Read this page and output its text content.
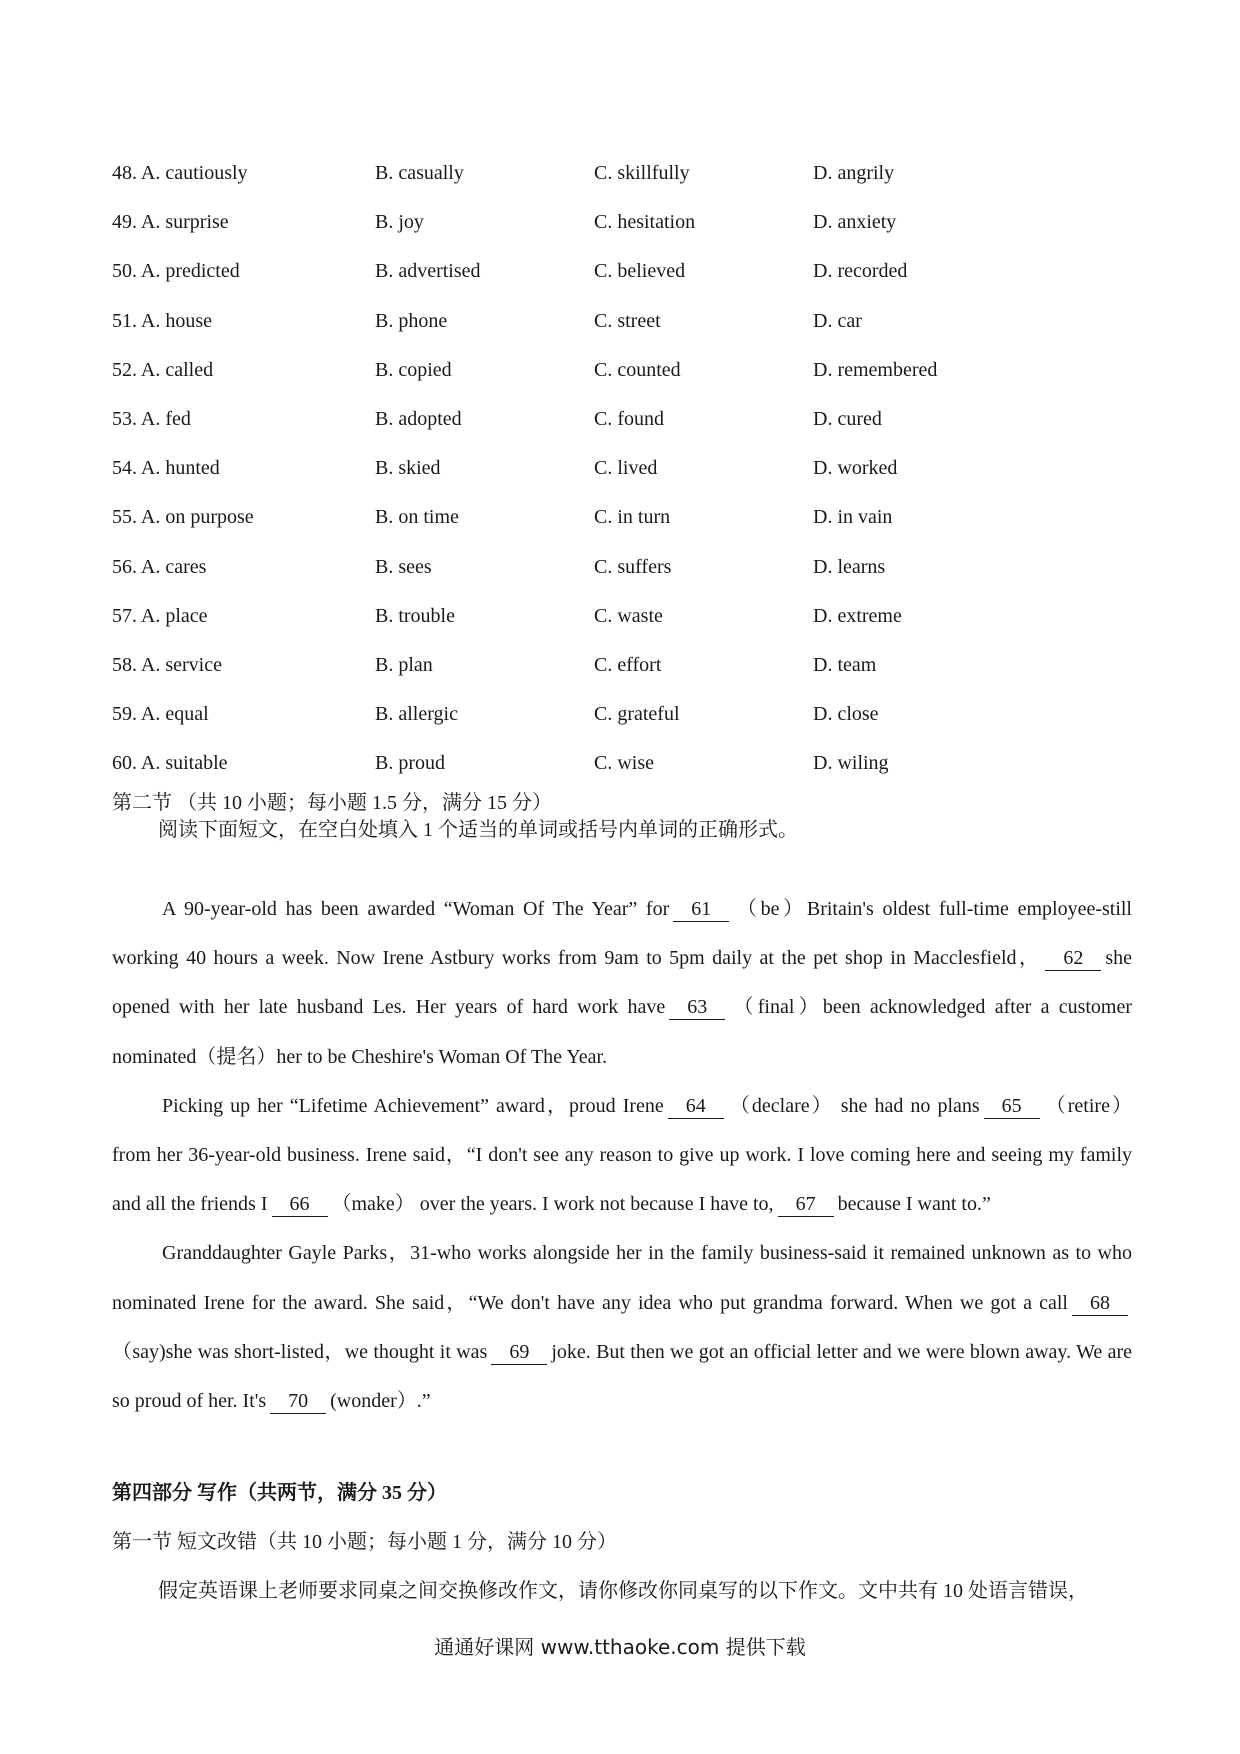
48. A. cautiously	B. casually	C. skillfully	D. angrily
49. A. surprise	B. joy	C. hesitation	D. anxiety
50. A. predicted	B. advertised	C. believed	D. recorded
51. A. house	B. phone	C. street	D. car
52. A. called	B. copied	C. counted	D. remembered
53. A. fed	B. adopted	C. found	D. cured
54. A. hunted	B. skied	C. lived	D. worked
55. A. on purpose	B. on time	C. in turn	D. in vain
56. A. cares	B. sees	C. suffers	D. learns
57. A. place	B. trouble	C. waste	D. extreme
58. A. service	B. plan	C. effort	D. team
59. A. equal	B. allergic	C. grateful	D. close
60. A. suitable	B. proud	C. wise	D. wiling
第二节 （共 10 小题；每小题 1.5 分，满分 15 分）
阅读下面短文，在空白处填入 1 个适当的单词或括号内单词的正确形式。

A 90-year-old has been awarded “Woman Of The Year” for 61 （be）Britain's oldest full-time employee-still working 40 hours a week. Now Irene Astbury works from 9am to 5pm daily at the pet shop in Macclesfield， 62 she opened with her late husband Les. Her years of hard work have 63 （final）been acknowledged after a customer nominated（提名）her to be Cheshire's Woman Of The Year.

Picking up her “Lifetime Achievement” award，proud Irene 64 （declare） she had no plans 65 （retire） from her 36-year-old business. Irene said，“I don't see any reason to give up work. I love coming here and seeing my family and all the friends I 66 （make） over the years. I work not because I have to, 67 because I want to.”

Granddaughter Gayle Parks，31-who works alongside her in the family business-said it remained unknown as to who nominated Irene for the award. She said，“We don't have any idea who put grandma forward. When we got a call 68（say)she was short-listed，we thought it was 69 joke. But then we got an official letter and we were blown away. We are so proud of her. It's 70 (wonder）.”

第四部分 写作（共两节，满分 35 分）
第一节 短文改错（共 10 小题；每小题 1 分，满分 10 分）
假定英语课上老师要求同桌之间交换修改作文，请你修改你同桌写的以下作文。文中共有 10 处语言错误，
通通好课网 www.tthaoke.com 提供下载
